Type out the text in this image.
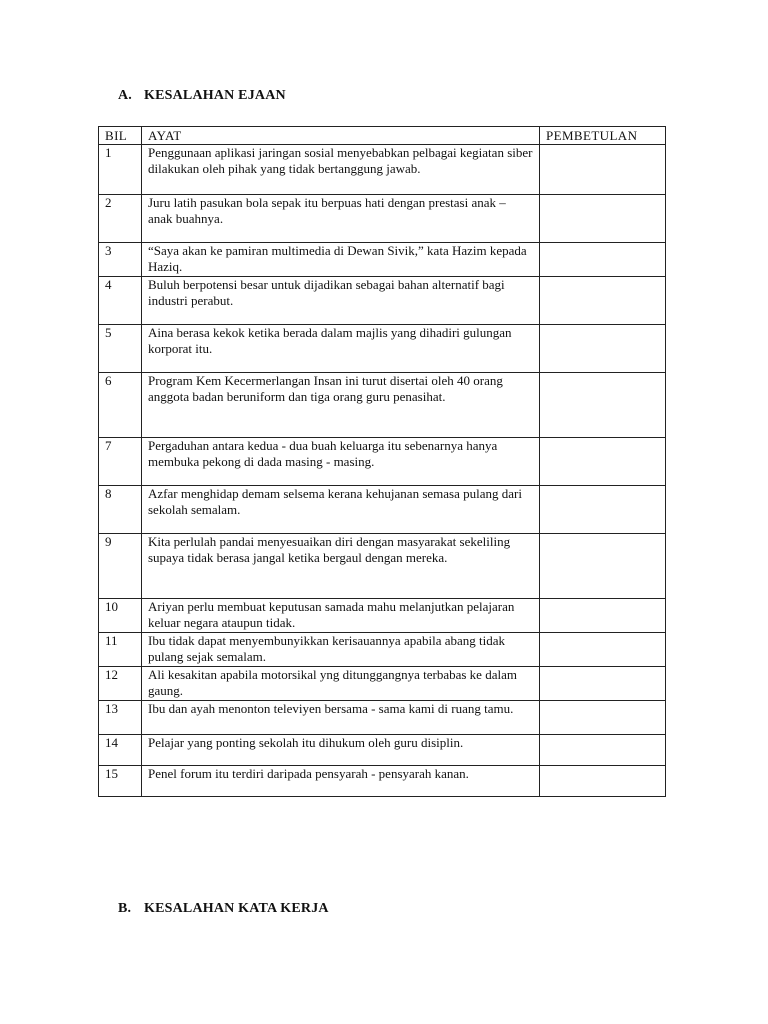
A. KESALAHAN EJAAN
BIL	AYAT	PEMBETULAN
1	Penggunaan aplikasi jaringan sosial menyebabkan pelbagai kegiatan siber dilakukan oleh pihak yang tidak bertanggung jawab.	
2	Juru latih pasukan bola sepak itu berpuas hati dengan prestasi anak – anak buahnya.	
3	“Saya akan ke pamiran multimedia di Dewan Sivik,” kata Hazim kepada Haziq.	
4	Buluh berpotensi besar untuk dijadikan sebagai bahan alternatif bagi industri perabut.	
5	Aina berasa kekok ketika berada dalam majlis yang dihadiri gulungan korporat itu.	
6	Program Kem Kecermerlangan Insan ini turut disertai oleh 40 orang anggota badan beruniform dan tiga orang guru penasihat.	
7	Pergaduhan antara kedua - dua buah keluarga itu sebenarnya hanya membuka pekong di dada masing - masing.	
8	Azfar menghidap demam selsema kerana kehujanan semasa pulang dari sekolah semalam.	
9	Kita perlulah pandai menyesuaikan diri dengan masyarakat sekeliling supaya tidak berasa jangal ketika bergaul dengan mereka.	
10	Ariyan perlu membuat keputusan samada mahu melanjutkan pelajaran keluar negara ataupun tidak.	
11	Ibu tidak dapat menyembunyikkan kerisauannya apabila abang tidak pulang sejak semalam.	
12	Ali kesakitan apabila motorsikal yng ditunggangnya terbabas ke dalam gaung.	
13	Ibu dan ayah menonton televiyen bersama - sama kami di ruang tamu.	
14	Pelajar yang ponting sekolah itu dihukum oleh guru disiplin.	
15	Penel forum itu terdiri daripada pensyarah - pensyarah kanan.	
B. KESALAHAN KATA KERJA
